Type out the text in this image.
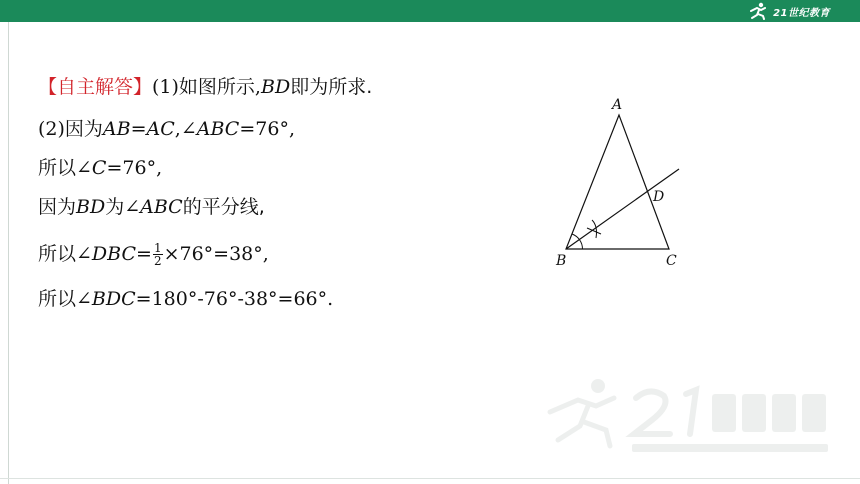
21世纪教育
【自主解答】(1)如图所示,BD即为所求.
(2)因为AB=AC,∠ABC=76°,
所以∠C=76°,
因为BD为∠ABC的平分线,
所以∠DBC= $\frac{1}{2} \times 76^\circ=38^\circ$,
所以∠BDC=180°-76°-38°=66°.
A
B	C
D
